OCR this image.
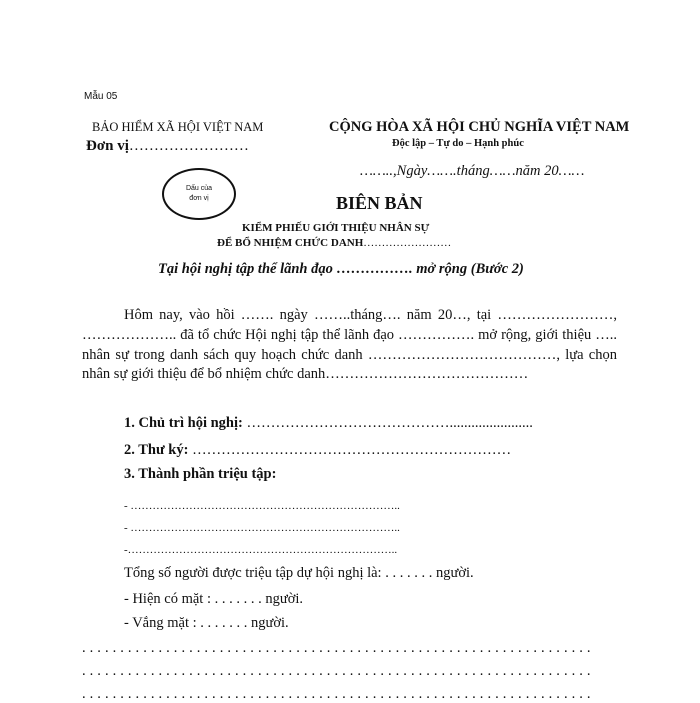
Mẫu 05
BẢO HIỂM XÃ HỘI VIỆT NAM
Đơn vị……………………
CỘNG HÒA XÃ HỘI CHỦ NGHĨA VIỆT NAM
Độc lập – Tự do – Hạnh phúc
……..,Ngày…….tháng……năm 20……
Dấu của đơn vị	BIÊN BẢN
KIỂM PHIẾU GIỚI THIỆU NHÂN SỰ
ĐỂ BỔ NHIỆM CHỨC DANH……………………
Tại hội nghị tập thể lãnh đạo ……………. mở rộng (Bước 2)
Hôm nay, vào hồi ……. ngày ……..tháng…. năm 20…, tại ……………………, ……………….. đã tổ chức Hội nghị tập thể lãnh đạo ……………. mở rộng, giới thiệu ….. nhân sự trong danh sách quy hoạch chức danh …………………………………, lựa chọn nhân sự giới thiệu để bổ nhiệm chức danh……………………………………
1. Chủ trì hội nghị: …………………………………….......................
2. Thư ký: …………………………………………………………
3. Thành phần triệu tập:
- ………………………………………………………………..
- ………………………………………………………………..
-………………………………………………………………..
Tổng số người được triệu tập dự hội nghị là: . . . . . . . người.
- Hiện có mặt : . . . . . . . người.
- Vắng mặt : . . . . . . . người.
. . . . . . . . . . . . . . . . . . . . . . . . . . . . . . . . . . . . . . . . . . . . . . . . . . . . . . . . . . . . . . . . . . .
. . . . . . . . . . . . . . . . . . . . . . . . . . . . . . . . . . . . . . . . . . . . . . . . . . . . . . . . . . . . . . . . . . .
. . . . . . . . . . . . . . . . . . . . . . . . . . . . . . . . . . . . . . . . . . . . . . . . . . . . . . . . . . . . . . . . . . .
